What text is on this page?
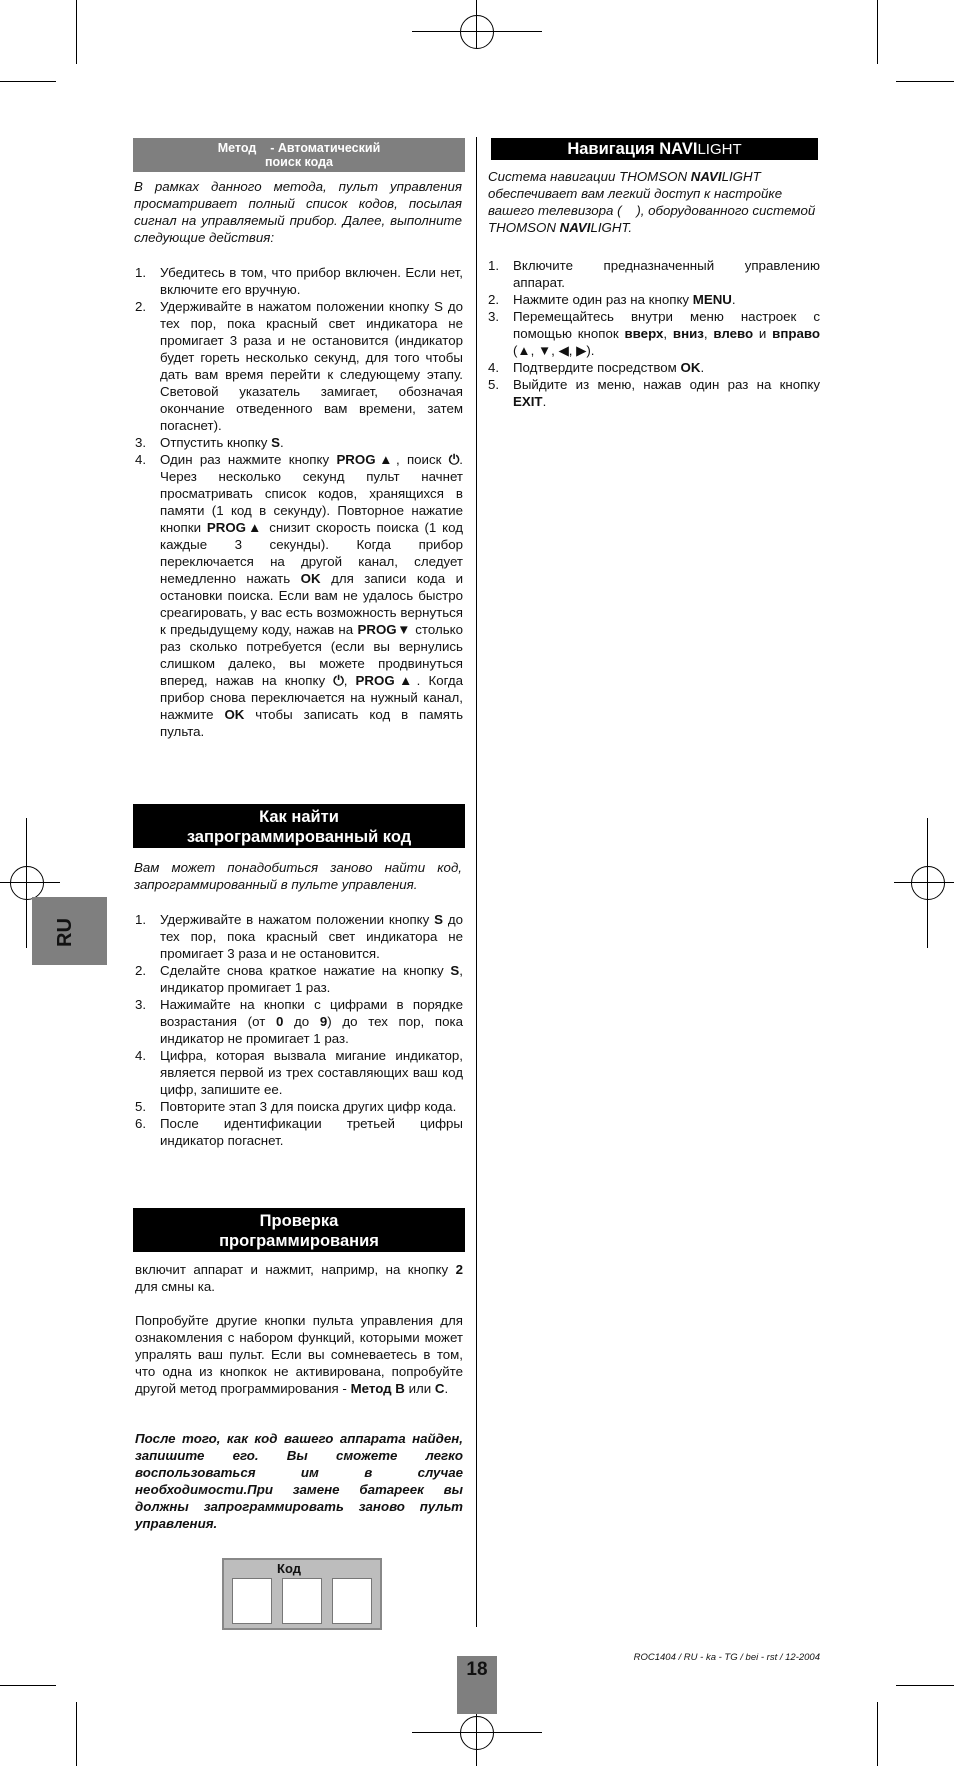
RU
Метод    - Автоматический
поиск кода
В рамках данного метода, пульт управления просматривает полный список кодов, посылая сигнал на управляемый прибор. Далее, выполните следующие действия:
1. Убедитесь в том, что прибор включен. Если нет, включите его вручную.
2. Удерживайте в нажатом положении кнопку S до тех пор, пока красный свет индикатора не промигает 3 раза и не остановится (индикатор будет гореть несколько секунд, для того чтобы дать вам время перейти к следующему этапу. Световой указатель замигает, обозначая окончание отведенного вам времени, затем погаснет).
3. Отпустить кнопку S.
4. Один раз нажмите кнопку PROG▲, поиск ⏻. Через несколько секунд пульт начнет просматривать список кодов, хранящихся в памяти (1 код в секунду). Повторное нажатие кнопки PROG▲ снизит скорость поиска (1 код каждые 3 секунды). Когда прибор переключается на другой канал, следует немедленно нажать OK для записи кода и остановки поиска. Если вам не удалось быстро среагировать, у вас есть возможность вернуться к предыдущему коду, нажав на PROG▼ столько раз сколько потребуется (если вы вернулись слишком далеко, вы можете продвинуться вперед, нажав на кнопку ⏻, PROG▲. Когда прибор снова переключается на нужный канал, нажмите OK чтобы записать код в память пульта.
Как найти
запрограммированный код
Вам может понадобиться заново найти код, запрограммированный в пульте управления.
1. Удерживайте в нажатом положении кнопку S до тех пор, пока красный свет индикатора не промигает 3 раза и не остановится.
2. Сделайте снова краткое нажатие на кнопку S, индикатор промигает 1 раз.
3. Нажимайте на кнопки с цифрами в порядке возрастания (от 0 до 9) до тех пор, пока индикатор не промигает 1 раз.
4. Цифра, которая вызвала мигание индикатор, является первой из трех составляющих ваш код цифр, запишите ее.
5. Повторите этап 3 для поиска других цифр кода.
6. После идентификации третьей цифры индикатор погаснет.
Проверка
программирования
включит аппарат и нажмит, напримр, на кнопку 2 для смны ка.
Попробуйте другие кнопки пульта управления для ознакомления с набором функций, которыми может упралять ваш пульт. Если вы сомневаетесь в том, что одна из кнопкок не активирована, попробуйте другой метод программирования - Метод B или C.
После того, как код вашего аппарата найден, запишите его. Вы сможете легко воспользоваться им в случае необходимости.При замене батареек вы должны запрограммировать заново пульт управления.
Код
Навигация NAVILIGHT
Система навигации THOMSON NAVILIGHT обеспечивает вам легкий доступ к настройке вашего телевизора (    ), оборудованного системой THOMSON NAVILIGHT.
1. Включите предназначенный управлению аппарат.
2. Нажмите один раз на кнопку MENU.
3. Перемещайтесь внутри меню настроек с помощью кнопок вверх, вниз, влево и вправо (▲, ▼, ◀, ▶).
4. Подтвердите посредством OK.
5. Выйдите из меню, нажав один раз на кнопку EXIT.
ROC1404 / RU - ka - TG / bei - rst / 12-2004
18
